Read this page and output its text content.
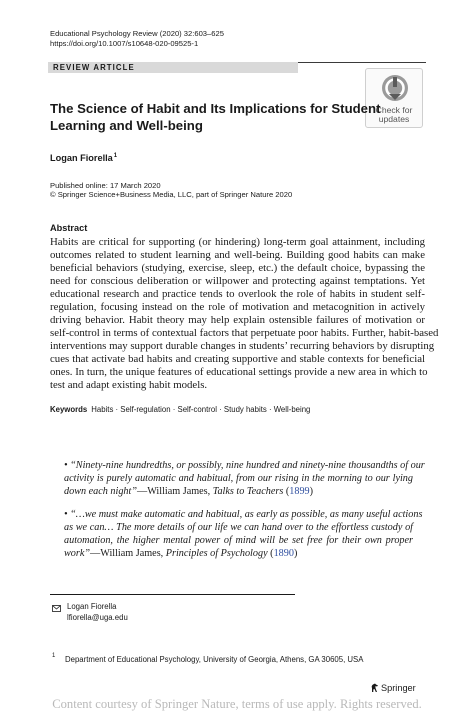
Educational Psychology Review (2020) 32:603–625
https://doi.org/10.1007/s10648-020-09525-1
REVIEW ARTICLE
Check for
updates
The Science of Habit and Its Implications for Student
Learning and Well-being
Logan Fiorella$^1$
Published online: 17 March 2020
© Springer Science+Business Media, LLC, part of Springer Nature 2020
Abstract
Habits are critical for supporting (or hindering) long-term goal attainment, including
outcomes related to student learning and well-being. Building good habits can make
beneficial behaviors (studying, exercise, sleep, etc.) the default choice, bypassing the
need for conscious deliberation or willpower and protecting against temptations. Yet
educational research and practice tends to overlook the role of habits in student self-
regulation, focusing instead on the role of motivation and metacognition in actively
driving behavior. Habit theory may help explain ostensible failures of motivation or
self-control in terms of contextual factors that perpetuate poor habits. Further, habit-based
interventions may support durable changes in students’ recurring behaviors by disrupting
cues that activate bad habits and creating supportive and stable contexts for beneficial
ones. In turn, the unique features of educational settings provide a new area in which to
test and adapt existing habit models.
Keywords Habits · Self-regulation · Self-control · Study habits · Well-being
• “Ninety-nine hundredths, or possibly, nine hundred and ninety-nine thousandths of our
activity is purely automatic and habitual, from our rising in the morning to our lying
down each night”—William James, Talks to Teachers (1899)
• “…we must make automatic and habitual, as early as possible, as many useful actions
as we can… The more details of our life we can hand over to the effortless custody of
automation, the higher mental power of mind will be set free for their own proper
work”—William James, Principles of Psychology (1890)
Logan Fiorella
lfiorella@uga.edu
1 Department of Educational Psychology, University of Georgia, Athens, GA 30605, USA
Springer
Content courtesy of Springer Nature, terms of use apply. Rights reserved.
